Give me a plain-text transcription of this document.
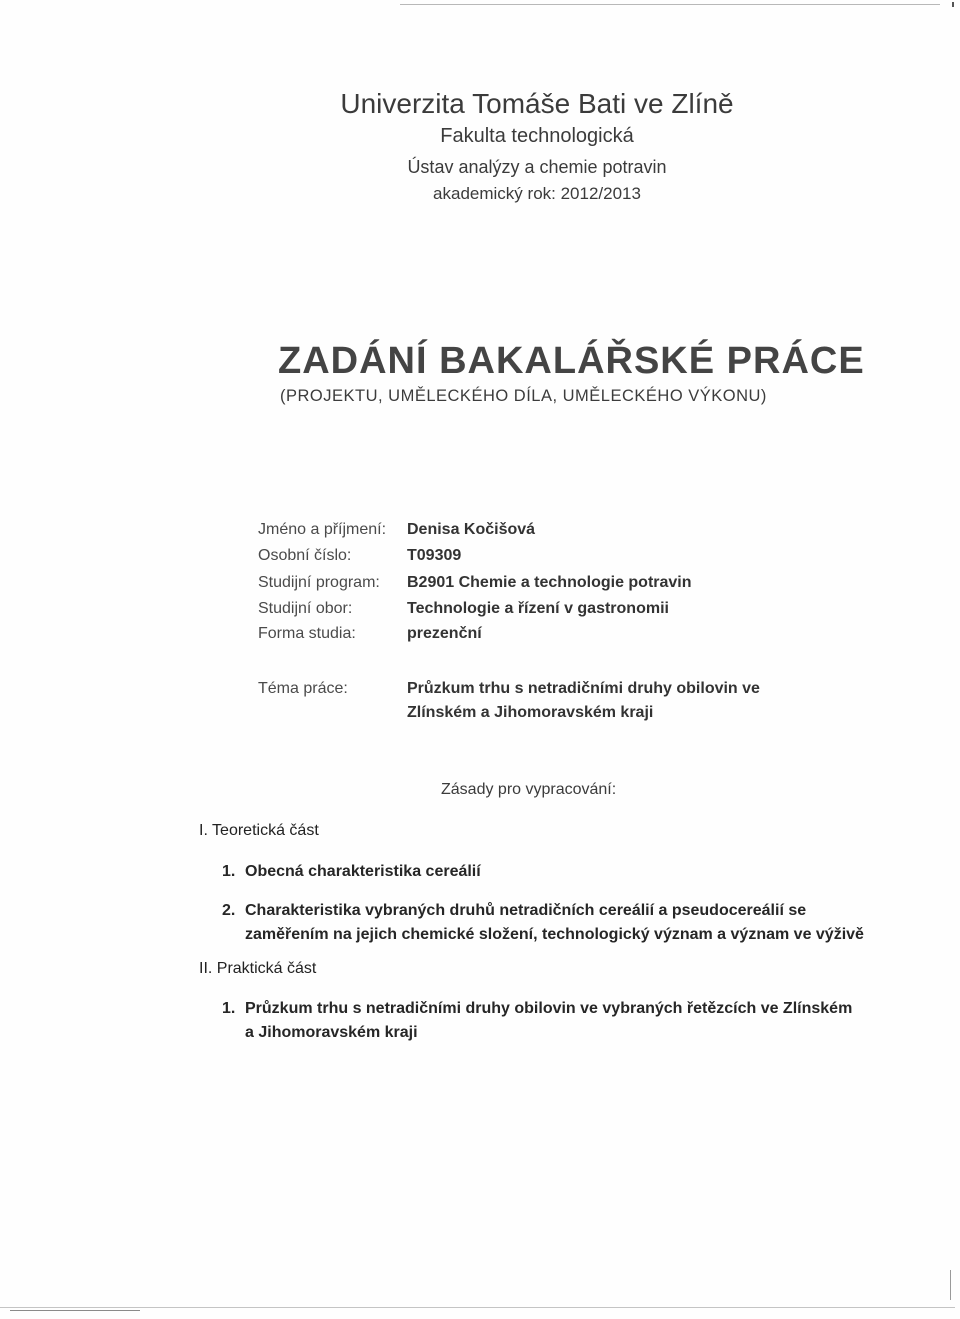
Univerzita Tomáše Bati ve Zlíně
Fakulta technologická
Ústav analýzy a chemie potravin
akademický rok: 2012/2013
ZADÁNÍ BAKALÁŘSKÉ PRÁCE
(PROJEKTU, UMĚLECKÉHO DÍLA, UMĚLECKÉHO VÝKONU)
Jméno a příjmení: Denisa Kočišová
Osobní číslo:	T09309
Studijní program: B2901 Chemie a technologie potravin
Studijní obor:	Technologie a řízení v gastronomii
Forma studia:	prezenční
Téma práce:	Průzkum trhu s netradičními druhy obilovin ve
Zlínském a Jihomoravském kraji
Zásady pro vypracování:
I. Teoretická část
1. Obecná charakteristika cereálií
2. Charakteristika vybraných druhů netradičních cereálií a pseudocereálií se
zaměřením na jejich chemické složení, technologický význam a význam ve výživě
II. Praktická část
1. Průzkum trhu s netradičními druhy obilovin ve vybraných řetězcích ve Zlínském
a Jihomoravském kraji
